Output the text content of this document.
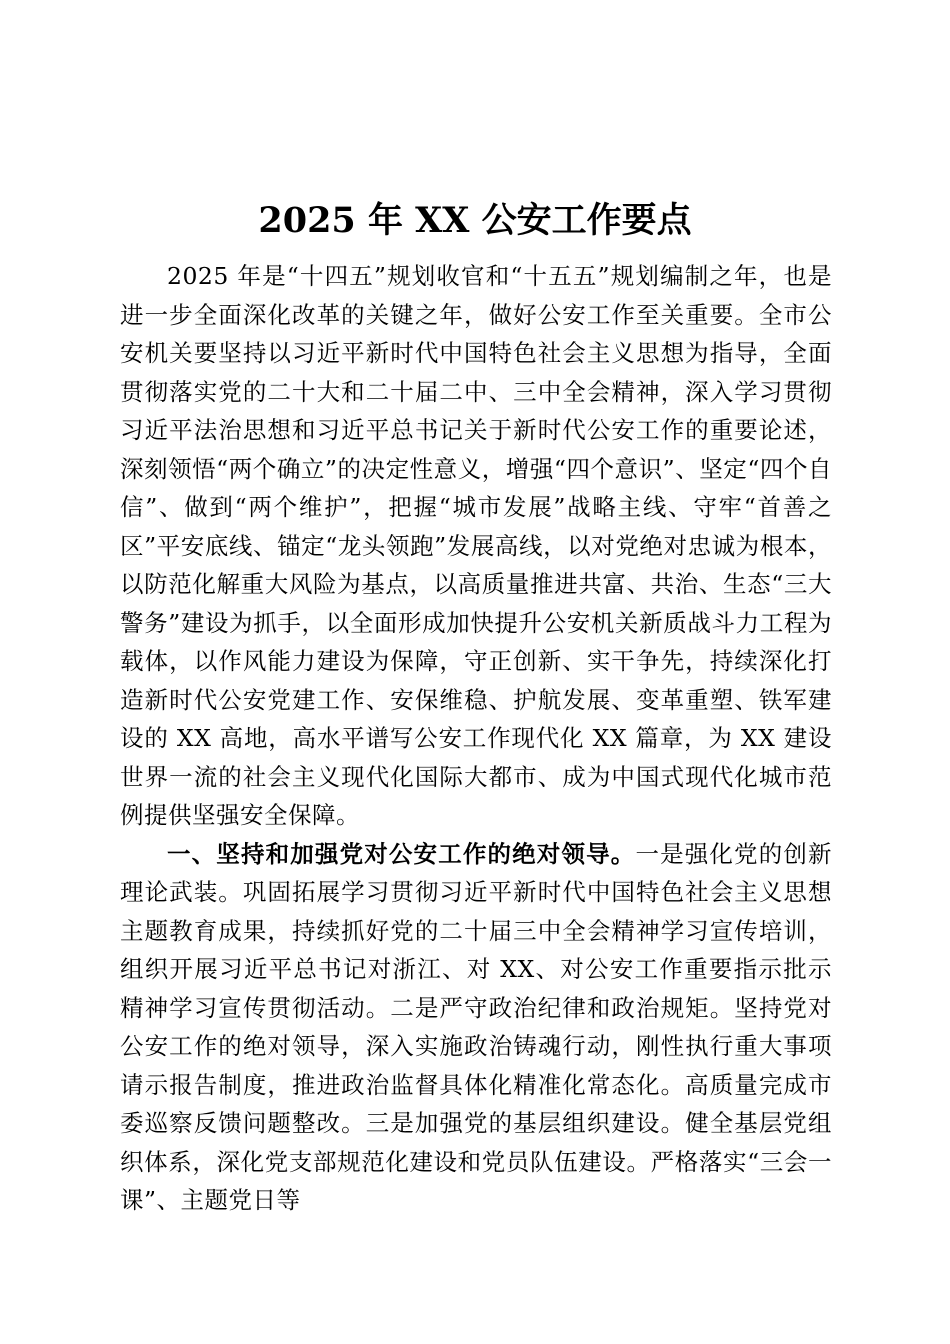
2025 年 XX 公安工作要点

2025 年是“十四五”规划收官和“十五五”规划编制之年，也是进一步全面深化改革的关键之年，做好公安工作至关重要。全市公安机关要坚持以习近平新时代中国特色社会主义思想为指导，全面贯彻落实党的二十大和二十届二中、三中全会精神，深入学习贯彻习近平法治思想和习近平总书记关于新时代公安工作的重要论述，深刻领悟“两个确立”的决定性意义，增强“四个意识”、坚定“四个自信”、做到“两个维护”，把握“城市发展”战略主线、守牢“首善之区”平安底线、锚定“龙头领跑”发展高线，以对党绝对忠诚为根本，以防范化解重大风险为基点，以高质量推进共富、共治、生态“三大警务”建设为抓手，以全面形成加快提升公安机关新质战斗力工程为载体，以作风能力建设为保障，守正创新、实干争先，持续深化打造新时代公安党建工作、安保维稳、护航发展、变革重塑、铁军建设的 XX 高地，高水平谱写公安工作现代化 XX 篇章，为 XX 建设世界一流的社会主义现代化国际大都市、成为中国式现代化城市范例提供坚强安全保障。

一、坚持和加强党对公安工作的绝对领导。一是强化党的创新理论武装。巩固拓展学习贯彻习近平新时代中国特色社会主义思想主题教育成果，持续抓好党的二十届三中全会精神学习宣传培训，组织开展习近平总书记对浙江、对 XX、对公安工作重要指示批示精神学习宣传贯彻活动。二是严守政治纪律和政治规矩。坚持党对公安工作的绝对领导，深入实施政治铸魂行动，刚性执行重大事项请示报告制度，推进政治监督具体化精准化常态化。高质量完成市委巡察反馈问题整改。三是加强党的基层组织建设。健全基层党组织体系，深化党支部规范化建设和党员队伍建设。严格落实“三会一课”、主题党日等
